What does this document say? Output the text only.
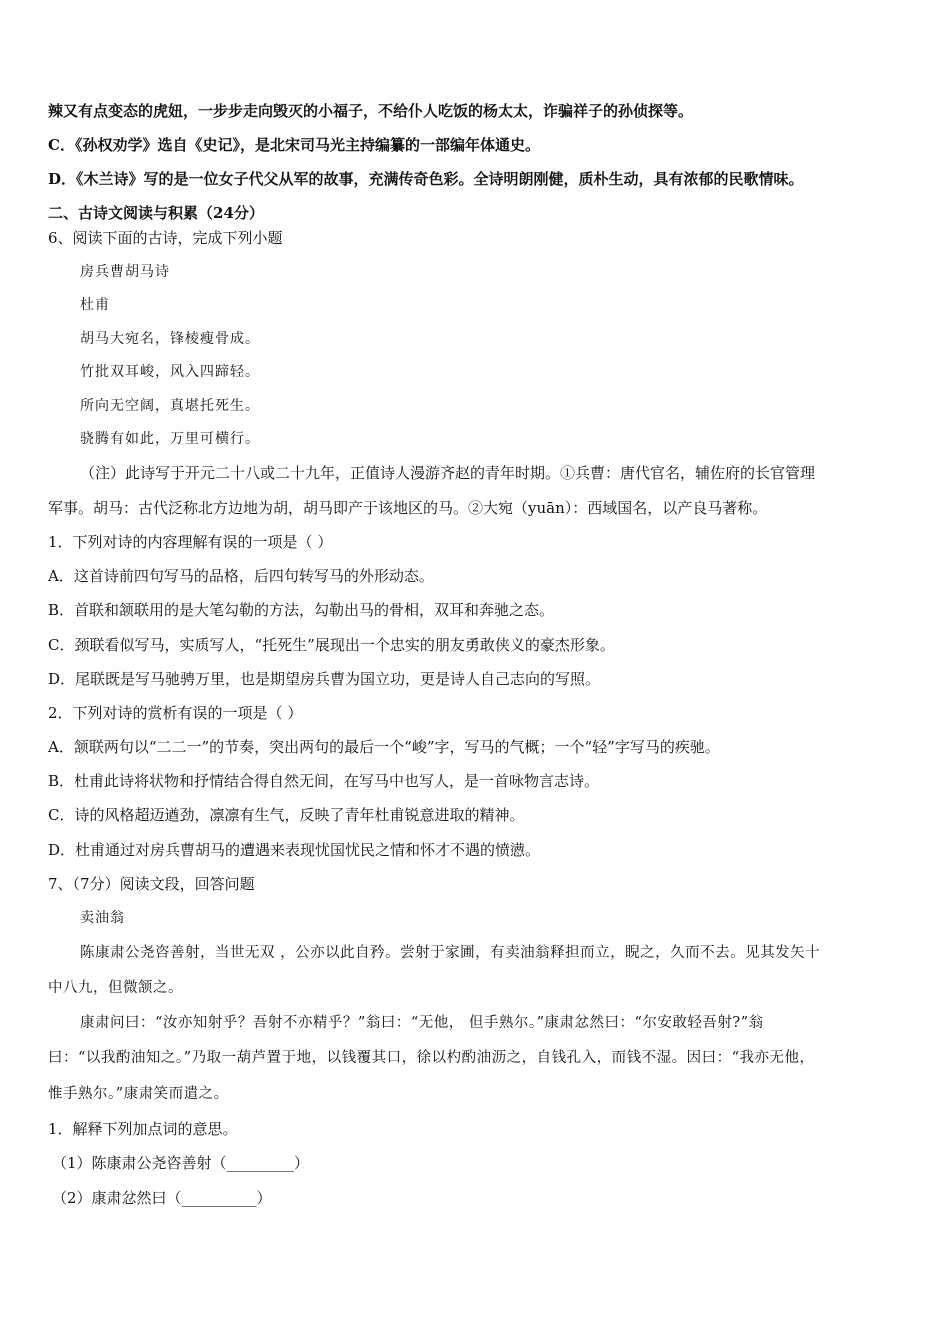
辣又有点变态的虎妞，一步步走向毁灭的小福子，不给仆人吃饭的杨太太，诈骗祥子的孙侦探等。
C．《孙权劝学》选自《史记》，是北宋司马光主持编纂的一部编年体通史。
D．《木兰诗》写的是一位女子代父从军的故事，充满传奇色彩。全诗明朗刚健，质朴生动，具有浓郁的民歌情味。
二、古诗文阅读与积累（24分）
6、阅读下面的古诗，完成下列小题
房兵曹胡马诗
杜甫
胡马大宛名，锋棱瘦骨成。
竹批双耳峻，风入四蹄轻。
所向无空阔，真堪托死生。
骁腾有如此，万里可横行。
（注）此诗写于开元二十八或二十九年，正值诗人漫游齐赵的青年时期。①兵曹：唐代官名，辅佐府的长官管理
军事。胡马：古代泛称北方边地为胡，胡马即产于该地区的马。②大宛（yuān）：西域国名，以产良马著称。
1．下列对诗的内容理解有误的一项是（ ）
A．这首诗前四句写马的品格，后四句转写马的外形动态。
B．首联和颔联用的是大笔勾勒的方法，勾勒出马的骨相，双耳和奔驰之态。
C．颈联看似写马，实质写人，“托死生”展现出一个忠实的朋友勇敢侠义的豪杰形象。
D．尾联既是写马驰骋万里，也是期望房兵曹为国立功，更是诗人自己志向的写照。
2．下列对诗的赏析有误的一项是（ ）
A．颔联两句以“二二一”的节奏，突出两句的最后一个“峻”字，写马的气概；一个“轻”字写马的疾驰。
B．杜甫此诗将状物和抒情结合得自然无间，在写马中也写人，是一首咏物言志诗。
C．诗的风格超迈遒劲，凛凛有生气，反映了青年杜甫锐意进取的精神。
D．杜甫通过对房兵曹胡马的遭遇来表现忧国忧民之情和怀才不遇的愤懑。
7、（7分）阅读文段，回答问题
卖油翁
陈康肃公尧咨善射，当世无双 ，公亦以此自矜。尝射于家圃，有卖油翁释担而立，睨之，久而不去。见其发矢十
中八九，但微颔之。
康肃问曰：“汝亦知射乎？吾射不亦精乎？”翁曰：“无他， 但手熟尔。”康肃忿然曰：“尔安敢轻吾射?”翁
曰：“以我酌油知之。”乃取一葫芦置于地，以钱覆其口，徐以杓酌油沥之，自钱孔入，而钱不湿。因曰：“我亦无他，
惟手熟尔。”康肃笑而遣之。
1．解释下列加点词的意思。
（1）陈康肃公尧咨善射（_________）
（2）康肃忿然曰（__________）
